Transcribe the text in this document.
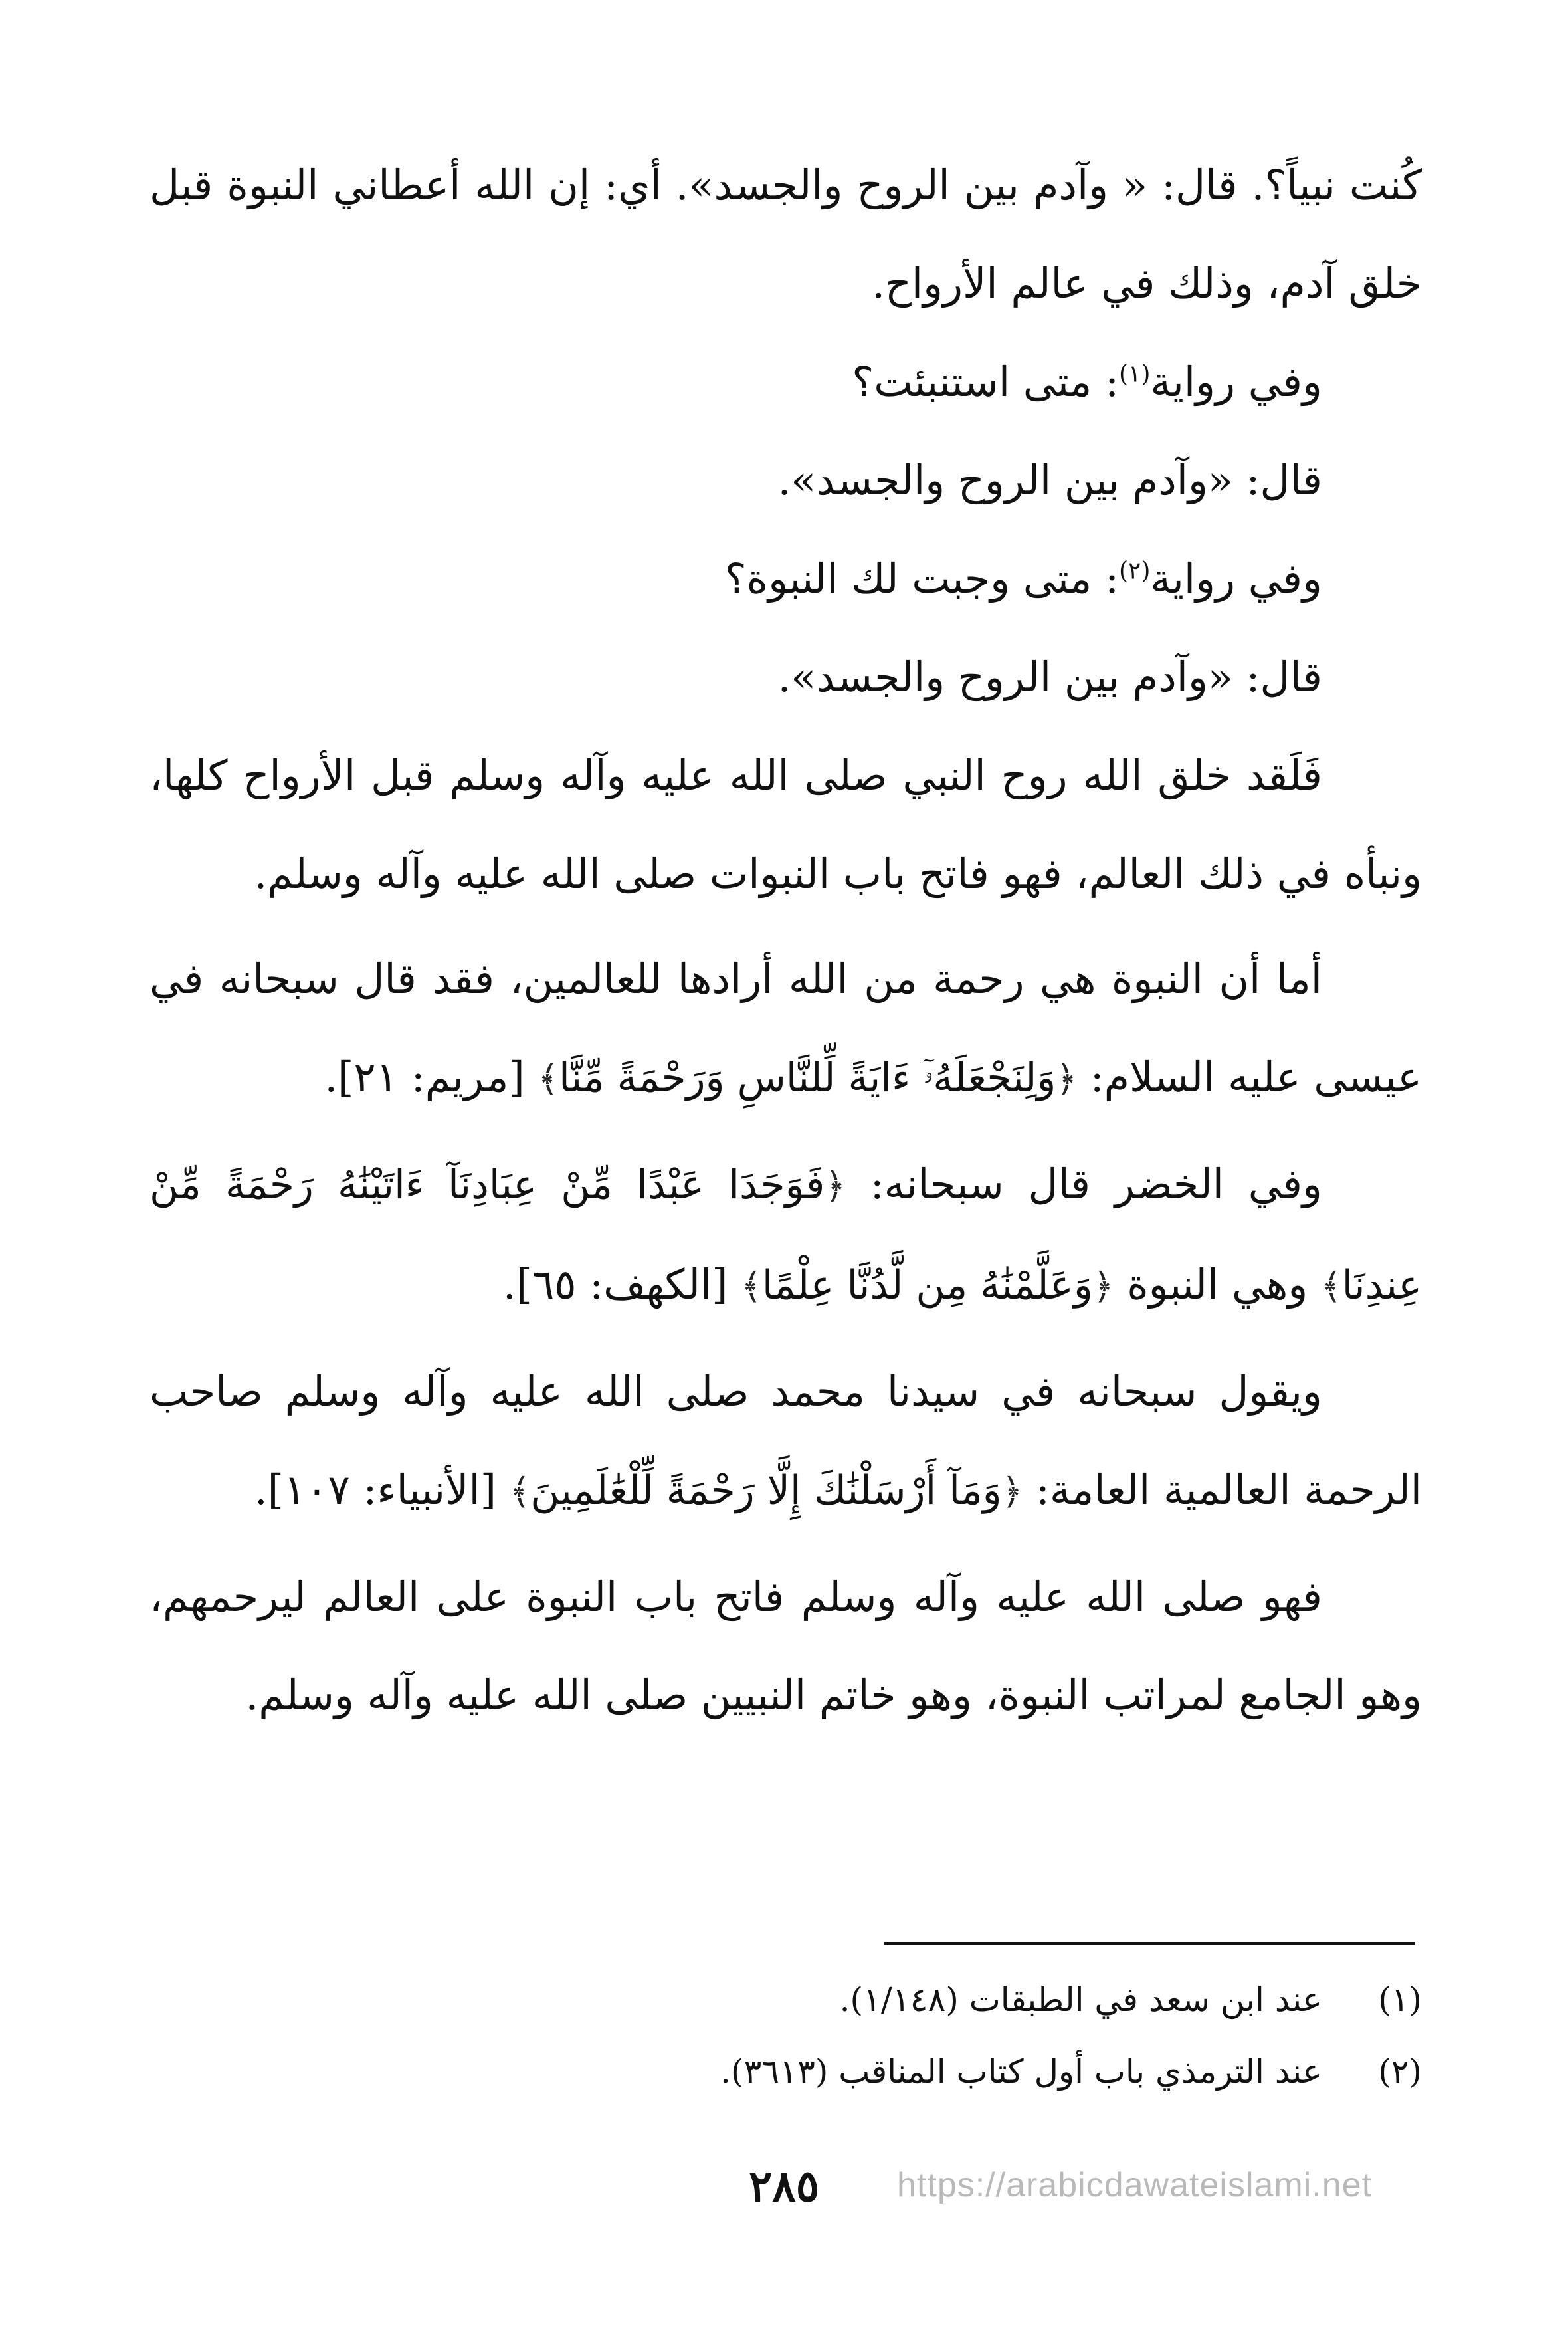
كُنت نبياً؟. قال: « وآدم بين الروح والجسد». أي: إن الله أعطاني النبوة قبل خلق آدم، وذلك في عالم الأرواح.

وفي رواية$^{(١)}$: متى استنبئت؟

قال: «وآدم بين الروح والجسد».

وفي رواية$^{(٢)}$: متى وجبت لك النبوة؟

قال: «وآدم بين الروح والجسد».

فَلَقد خلق الله روح النبي صلى الله عليه وآله وسلم قبل الأرواح كلها، ونبأه في ذلك العالم، فهو فاتح باب النبوات صلى الله عليه وآله وسلم.

أما أن النبوة هي رحمة من الله أرادها للعالمين، فقد قال سبحانه في عيسى عليه السلام: ﴿وَلِنَجْعَلَهُۥٓ ءَايَةً لِّلنَّاسِ وَرَحْمَةً مِّنَّا﴾ [مريم: ٢١].

وفي الخضر قال سبحانه: ﴿فَوَجَدَا عَبْدًا مِّنْ عِبَادِنَآ ءَاتَيْنَٰهُ رَحْمَةً مِّنْ عِندِنَا﴾ وهي النبوة ﴿وَعَلَّمْنَٰهُ مِن لَّدُنَّا عِلْمًا﴾ [الكهف: ٦٥].

ويقول سبحانه في سيدنا محمد صلى الله عليه وآله وسلم صاحب الرحمة العالمية العامة: ﴿وَمَآ أَرْسَلْنَٰكَ إِلَّا رَحْمَةً لِّلْعَٰلَمِينَ﴾ [الأنبياء: ١٠٧].

فهو صلى الله عليه وآله وسلم فاتح باب النبوة على العالم ليرحمهم، وهو الجامع لمراتب النبوة، وهو خاتم النبيين صلى الله عليه وآله وسلم.

(١)عند ابن سعد في الطبقات (١/١٤٨).
(٢)عند الترمذي باب أول كتاب المناقب (٣٦١٣).
٢٨٥	https://arabicdawateislami.net
